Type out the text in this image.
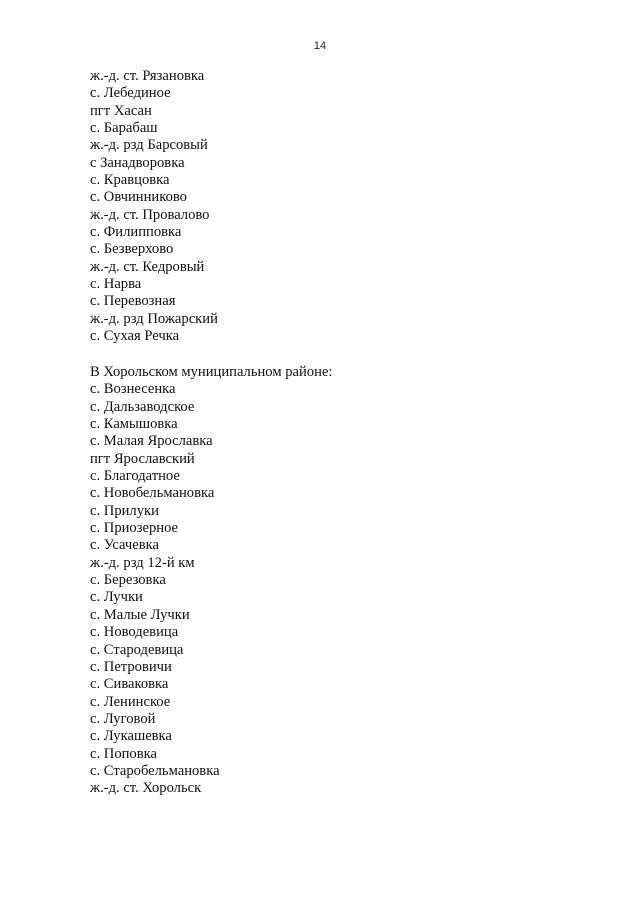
14
ж.-д. ст. Рязановка
с. Лебединое
пгт Хасан
с. Барабаш
ж.-д. рзд Барсовый
с Занадворовка
с. Кравцовка
с. Овчинниково
ж.-д. ст. Провалово
с. Филипповка
с. Безверхово
ж.-д. ст. Кедровый
с. Нарва
с. Перевозная
ж.-д. рзд Пожарский
с. Сухая Речка
В Хорольском муниципальном районе:
с. Вознесенка
с. Дальзаводское
с. Камышовка
с. Малая Ярославка
пгт Ярославский
с. Благодатное
с. Новобельмановка
с. Прилуки
с. Приозерное
с. Усачевка
ж.-д. рзд 12-й км
с. Березовка
с. Лучки
с. Малые Лучки
с. Новодевица
с. Стародевица
с. Петровичи
с. Сиваковка
с. Ленинское
с. Луговой
с. Лукашевка
с. Поповка
с. Старобельмановка
ж.-д. ст. Хорольск
